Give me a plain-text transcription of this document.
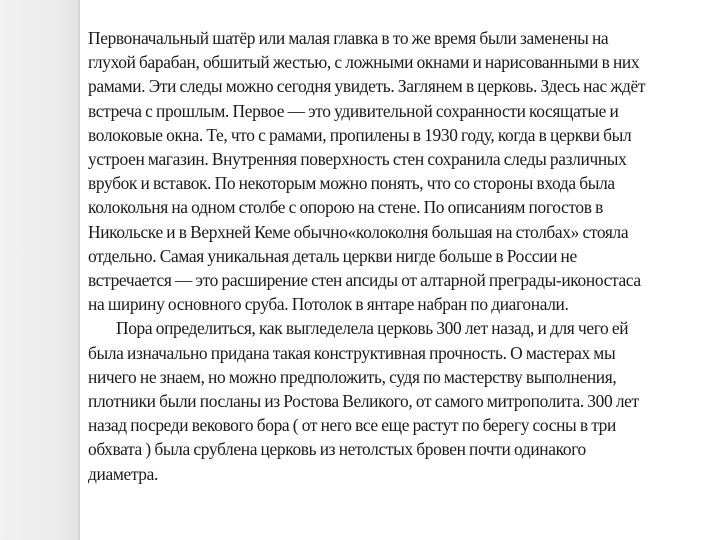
Первоначальный шатёр или малая главка в то же время были заменены на
глухой барабан, обшитый жестью, с ложными окнами и нарисованными в них
рамами. Эти следы можно сегодня увидеть. Заглянем в церковь. Здесь нас ждёт
встреча с прошлым. Первое — это удивительной сохранности косящатые и
волоковые окна. Те, что с рамами, пропилены в 1930 году, когда в церкви был
устроен магазин. Внутренняя поверхность стен сохранила следы различных
врубок и вставок. По некоторым можно понять, что со стороны входа была
колокольня на одном столбе с опорою на стене. По описаниям погостов в
Никольске и в Верхней Кеме обычно«колоколня большая на столбах» стояла
отдельно. Самая уникальная деталь церкви нигде больше в России не
встречается — это расширение стен апсиды от алтарной преграды-иконостаса
на ширину основного сруба. Потолок в янтаре набран по диагонали.
Пора определиться, как выгледелела церковь 300 лет назад, и для чего ей
была изначально придана такая конструктивная прочность. О мастерах мы
ничего не знаем, но можно предположить, судя по мастерству выполнения,
плотники были посланы из Ростова Великого, от самого митрополита. 300 лет
назад посреди векового бора ( от него все еще растут по берегу сосны в три
обхвата ) была срублена церковь из нетолстых бровен почти одинакого
диаметра.
